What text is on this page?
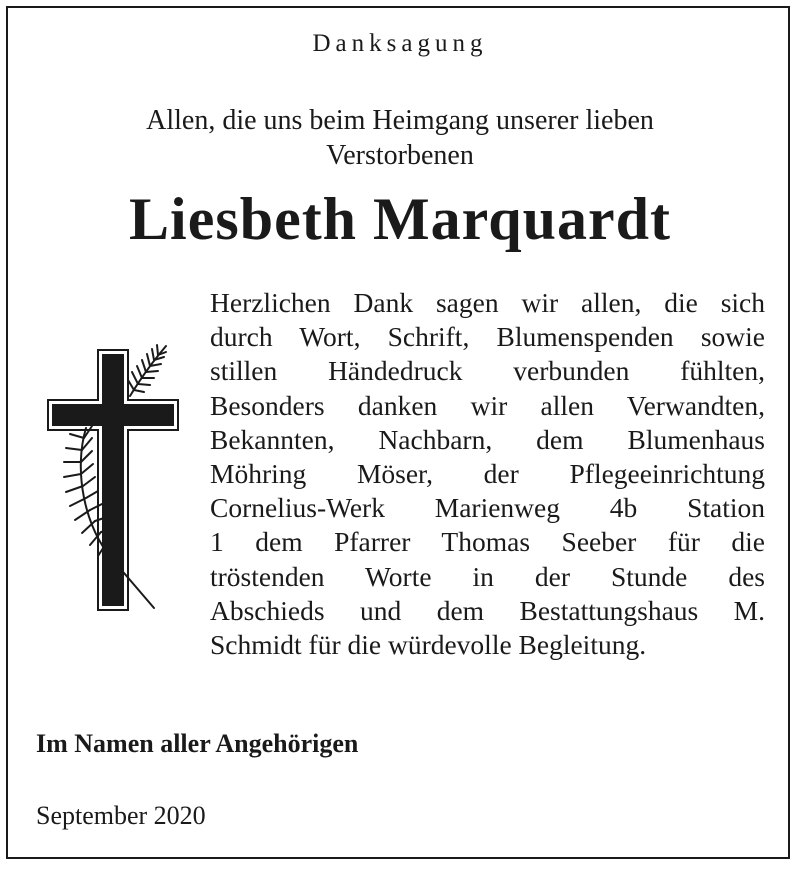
Danksagung
Allen, die uns beim Heimgang unserer lieben
Verstorbenen
Liesbeth Marquardt
Herzlichen Dank sagen wir allen, die sich
durch Wort, Schrift, Blumenspenden sowie
stillen Händedruck verbunden fühlten,
Besonders danken wir allen Verwandten,
Bekannten, Nachbarn, dem Blumenhaus
Möhring Möser, der Pflegeeinrichtung
Cornelius-Werk Marienweg 4b Station
1 dem Pfarrer Thomas Seeber für die
tröstenden Worte in der Stunde des
Abschieds und dem Bestattungshaus M.
Schmidt für die würdevolle Begleitung.
Im Namen aller Angehörigen
September 2020
